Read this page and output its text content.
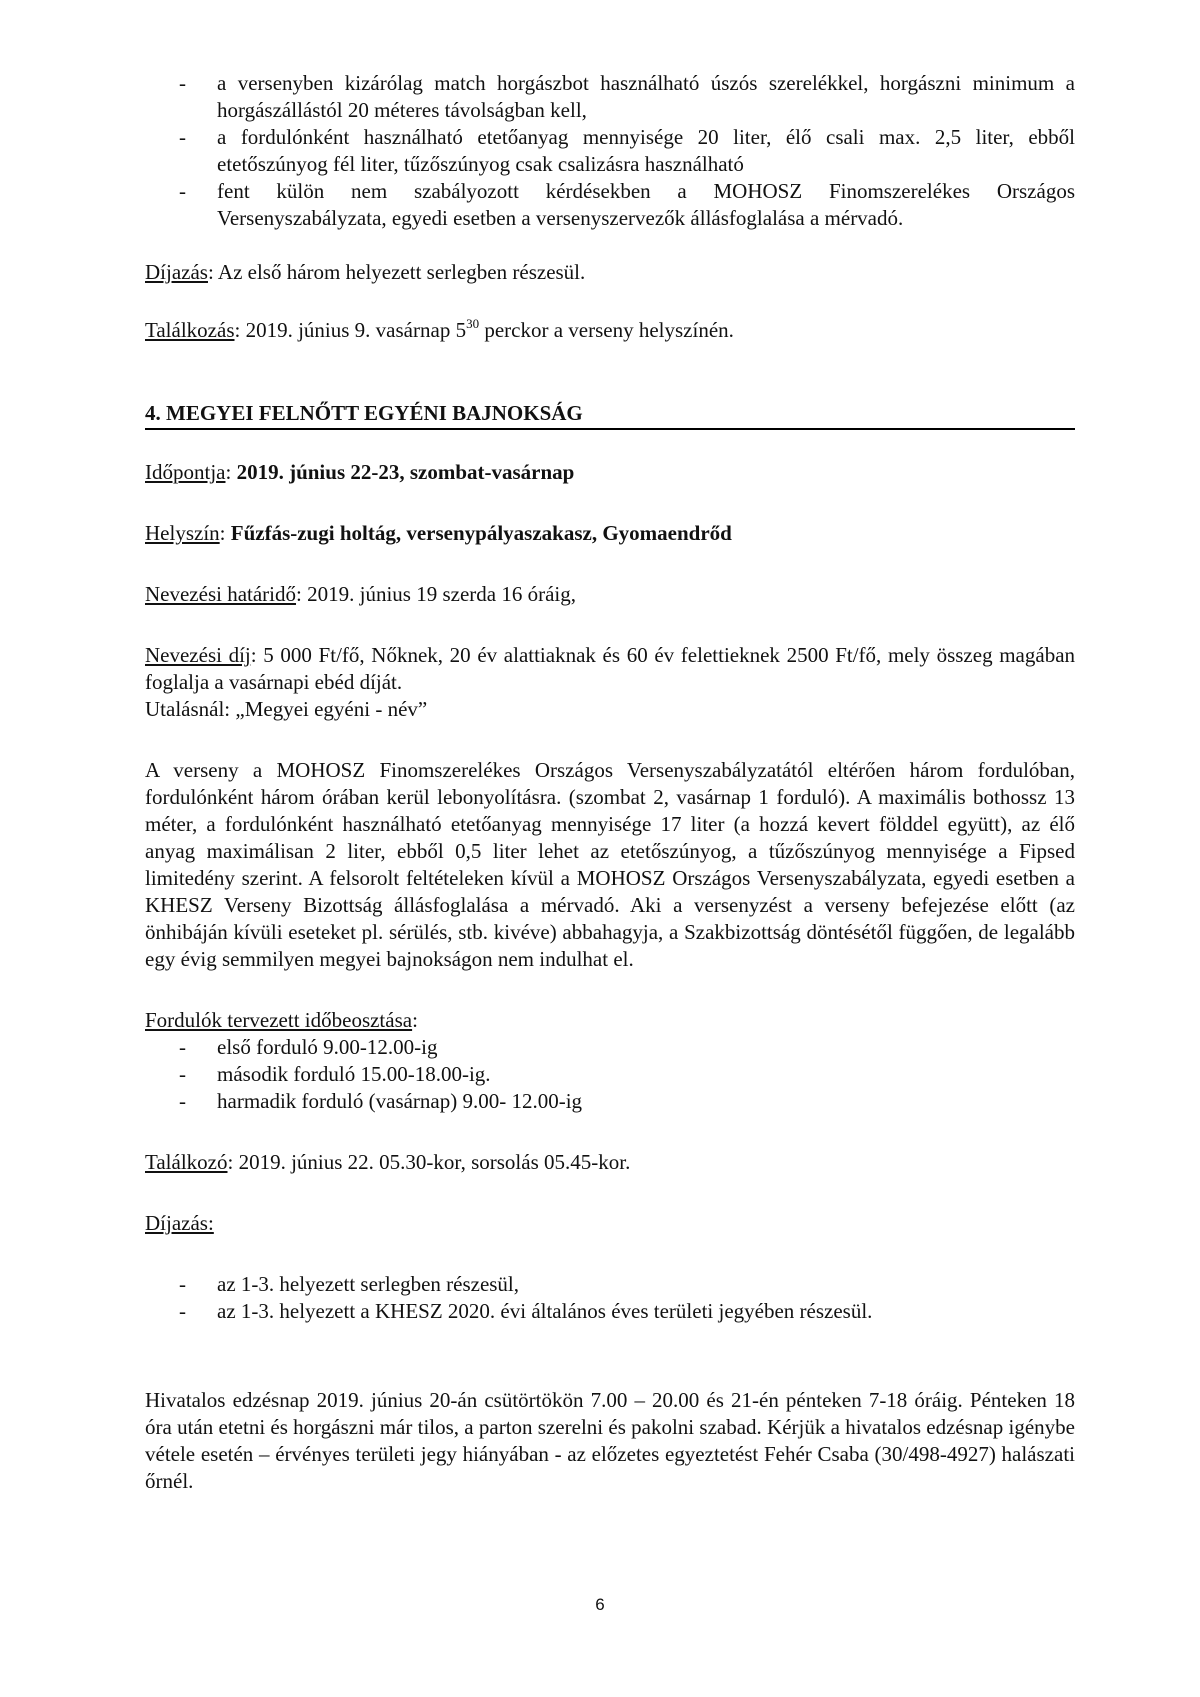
- a versenyben kizárólag match horgászbot használható úszós szerelékkel, horgászni minimum a horgászállástól 20 méteres távolságban kell,
- a fordulónként használható etetőanyag mennyisége 20 liter, élő csali max. 2,5 liter, ebből etetőszúnyog fél liter, tűzőszúnyog csak csalizásra használható
- fent külön nem szabályozott kérdésekben a MOHOSZ Finomszerelékes Országos Versenyszabályzata, egyedi esetben a versenyszervezők állásfoglalása a mérvadó.
Díjazás: Az első három helyezett serlegben részesül.
Találkozás: 2019. június 9. vasárnap $5^{30}$ perckor a verseny helyszínén.
4. MEGYEI FELNŐTT EGYÉNI BAJNOKSÁG
Időpontja: 2019. június 22-23, szombat-vasárnap
Helyszín: Fűzfás-zugi holtág, versenypályaszakasz, Gyomaendrőd
Nevezési határidő: 2019. június 19 szerda 16 óráig,
Nevezési díj: 5 000 Ft/fő, Nőknek, 20 év alattiaknak és 60 év felettieknek 2500 Ft/fő, mely összeg magában foglalja a vasárnapi ebéd díját.
Utalásnál: „Megyei egyéni - név”
A verseny a MOHOSZ Finomszerelékes Országos Versenyszabályzatától eltérően három fordulóban, fordulónként három órában kerül lebonyolításra. (szombat 2, vasárnap 1 forduló). A maximális bothossz 13 méter, a fordulónként használható etetőanyag mennyisége 17 liter (a hozzá kevert földdel együtt), az élő anyag maximálisan 2 liter, ebből 0,5 liter lehet az etetőszúnyog, a tűzőszúnyog mennyisége a Fipsed limitedény szerint. A felsorolt feltételeken kívül a MOHOSZ Országos Versenyszabályzata, egyedi esetben a KHESZ Verseny Bizottság állásfoglalása a mérvadó. Aki a versenyzést a verseny befejezése előtt (az önhibáján kívüli eseteket pl. sérülés, stb. kivéve) abbahagyja, a Szakbizottság döntésétől függően, de legalább egy évig semmilyen megyei bajnokságon nem indulhat el.
Fordulók tervezett időbeosztása:
- első forduló 9.00-12.00-ig
- második forduló 15.00-18.00-ig.
- harmadik forduló (vasárnap) 9.00- 12.00-ig
Találkozó: 2019. június 22. 05.30-kor, sorsolás 05.45-kor.
Díjazás:
- az 1-3. helyezett serlegben részesül,
- az 1-3. helyezett a KHESZ 2020. évi általános éves területi jegyében részesül.
Hivatalos edzésnap 2019. június 20-án csütörtökön 7.00 – 20.00 és 21-én pénteken 7-18 óráig. Pénteken 18 óra után etetni és horgászni már tilos, a parton szerelni és pakolni szabad. Kérjük a hivatalos edzésnap igénybe vétele esetén – érvényes területi jegy hiányában - az előzetes egyeztetést Fehér Csaba (30/498-4927) halászati őrnél.
6
